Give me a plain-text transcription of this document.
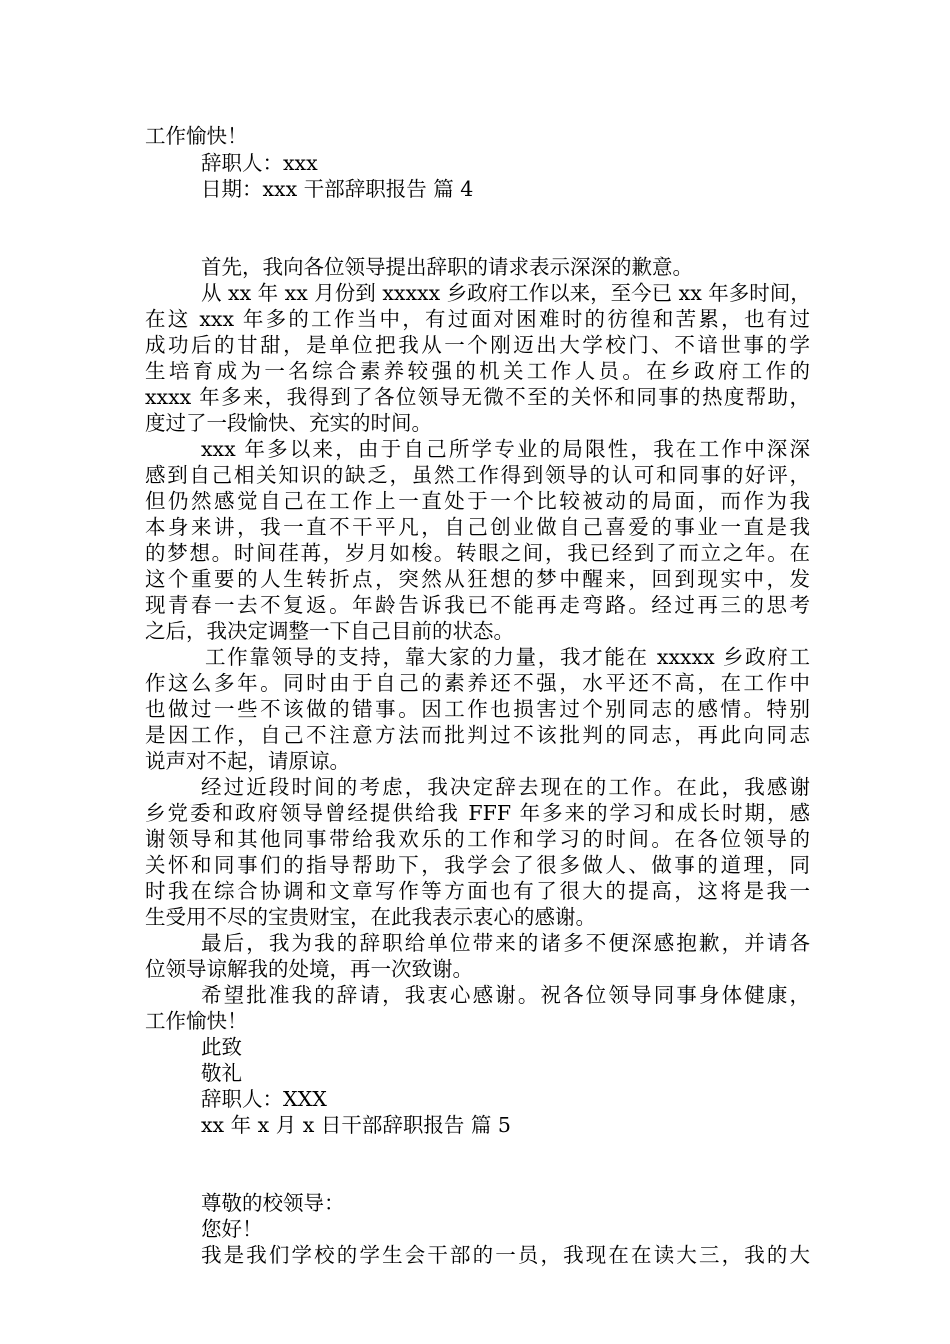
工作愉快！
辞职人：xxx
日期：xxx 干部辞职报告 篇 4
首先，我向各位领导提出辞职的请求表示深深的歉意。
从 xx 年 xx 月份到 xxxxx 乡政府工作以来，至今已 xx 年多时间，
在这 xxx 年多的工作当中，有过面对困难时的彷徨和苦累，也有过
成功后的甘甜，是单位把我从一个刚迈出大学校门、不谙世事的学
生培育成为一名综合素养较强的机关工作人员。在乡政府工作的
xxxx 年多来，我得到了各位领导无微不至的关怀和同事的热度帮助，
度过了一段愉快、充实的时间。
xxx 年多以来，由于自己所学专业的局限性，我在工作中深深
感到自己相关知识的缺乏，虽然工作得到领导的认可和同事的好评，
但仍然感觉自己在工作上一直处于一个比较被动的局面，而作为我
本身来讲，我一直不干平凡，自己创业做自己喜爱的事业一直是我
的梦想。时间荏苒，岁月如梭。转眼之间，我已经到了而立之年。在
这个重要的人生转折点，突然从狂想的梦中醒来，回到现实中，发
现青春一去不复返。年龄告诉我已不能再走弯路。经过再三的思考
之后，我决定调整一下自己目前的状态。
工作靠领导的支持，靠大家的力量，我才能在 xxxxx 乡政府工
作这么多年。同时由于自己的素养还不强，水平还不高，在工作中
也做过一些不该做的错事。因工作也损害过个别同志的感情。特别
是因工作，自己不注意方法而批判过不该批判的同志，再此向同志
说声对不起，请原谅。
经过近段时间的考虑，我决定辞去现在的工作。在此，我感谢
乡党委和政府领导曾经提供给我 FFF 年多来的学习和成长时期，感
谢领导和其他同事带给我欢乐的工作和学习的时间。在各位领导的
关怀和同事们的指导帮助下，我学会了很多做人、做事的道理，同
时我在综合协调和文章写作等方面也有了很大的提高，这将是我一
生受用不尽的宝贵财宝，在此我表示衷心的感谢。
最后，我为我的辞职给单位带来的诸多不便深感抱歉，并请各
位领导谅解我的处境，再一次致谢。
希望批准我的辞请，我衷心感谢。祝各位领导同事身体健康，
工作愉快！
此致
敬礼
辞职人：XXX
xx 年 x 月 x 日干部辞职报告 篇 5
尊敬的校领导：
您好！
我是我们学校的学生会干部的一员，我现在在读大三，我的大
